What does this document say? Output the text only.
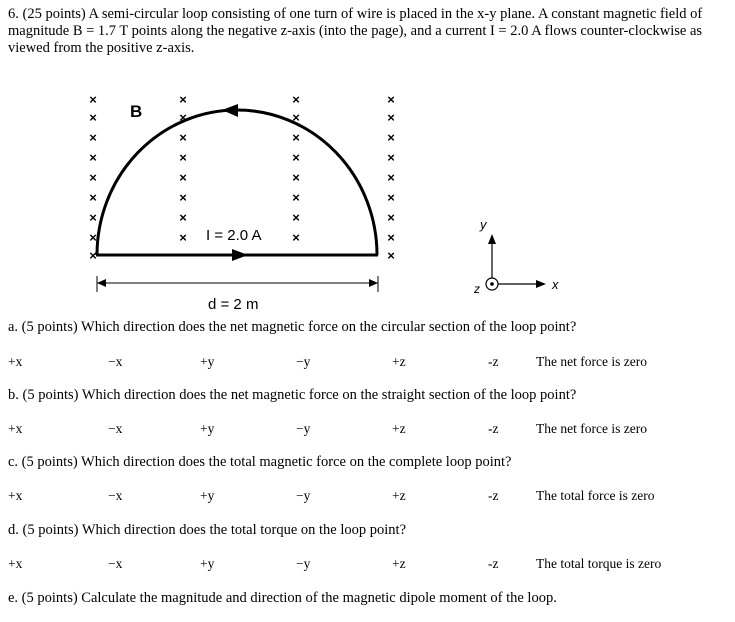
6. (25 points) A semi-circular loop consisting of one turn of wire is placed in the x-y plane. A constant magnetic field of

magnitude B = 1.7 T points along the negative z-axis (into the page), and a current I = 2.0 A flows counter-clockwise as

viewed from the positive z-axis.

×
×
×
×
×
×
×
×
×
×
×
×
×
×
×
×
×
×
×
×
×
×
×
×
×
×
×
×
×
×
×
×
×
×
B
I = 2.0 A
d = 2 m
y
x
z

a. (5 points) Which direction does the net magnetic force on the circular section of the loop point?

+x	−x	+y	−y	+z	-z	The net force is zero

b. (5 points) Which direction does the net magnetic force on the straight section of the loop point?

+x	−x	+y	−y	+z	-z	The net force is zero

c. (5 points) Which direction does the total magnetic force on the complete loop point?

+x	−x	+y	−y	+z	-z	The total force is zero

d. (5 points) Which direction does the total torque on the loop point?

+x	−x	+y	−y	+z	-z	The total torque is zero

e. (5 points) Calculate the magnitude and direction of the magnetic dipole moment of the loop.
